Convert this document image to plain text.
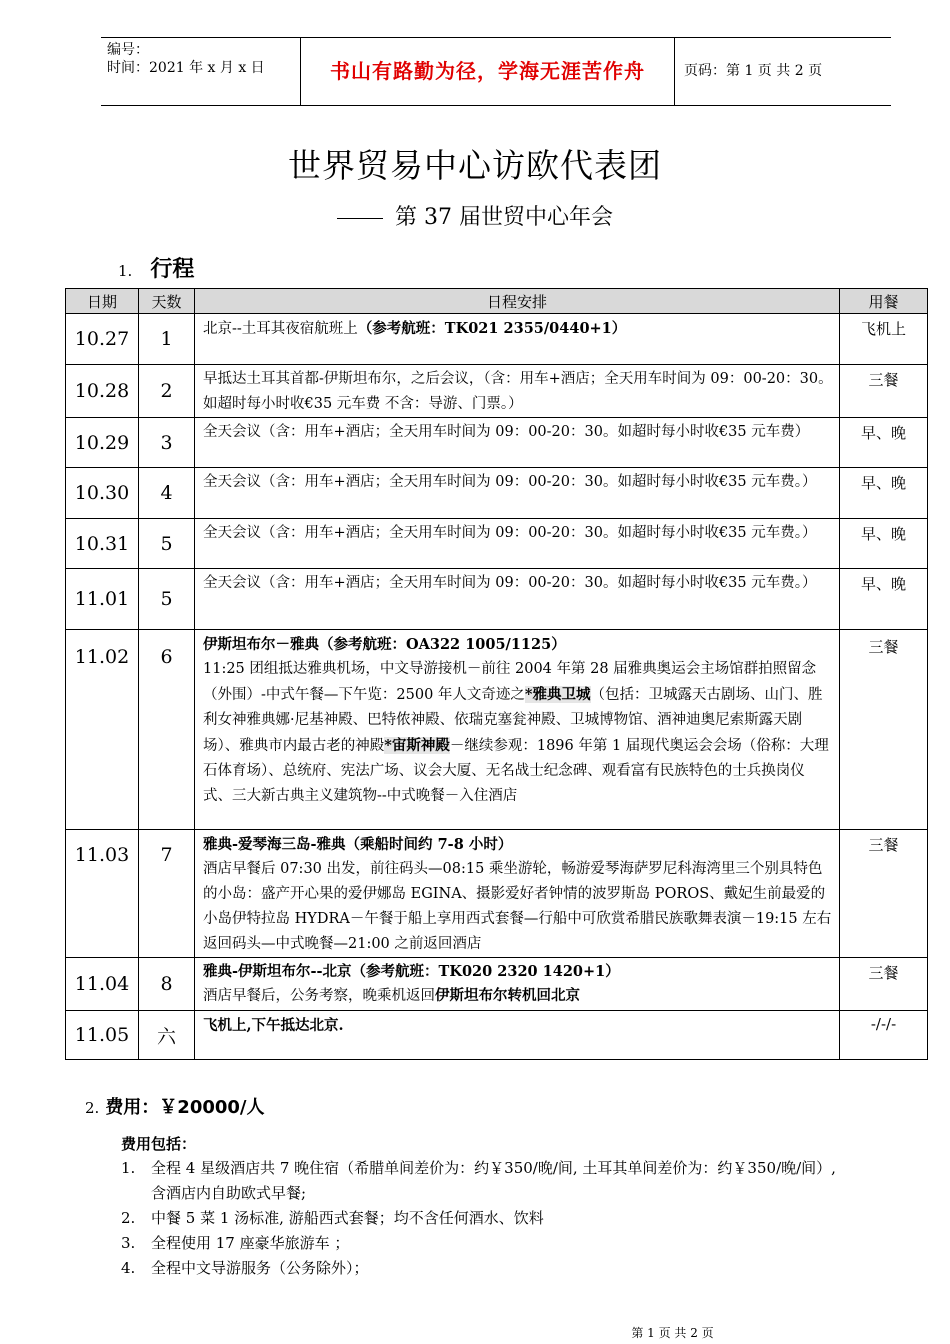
编号：
时间：2021 年 x 月 x 日	书山有路勤为径，学海无涯苦作舟	页码：第 1 页 共 2 页
世界贸易中心访欧代表团
第 37 届世贸中心年会
1. 行程
日期	天数	日程安排	用餐
10.27	1	北京--土耳其夜宿航班上（参考航班：TK021 2355/0440+1）	飞机上
10.28	2	早抵达土耳其首都-伊斯坦布尔，之后会议，（含：用车+酒店；全天用车时间为 09：00-20：30。如超时每小时收€35 元车费 不含：导游、门票。）	三餐
10.29	3	全天会议（含：用车+酒店；全天用车时间为 09：00-20：30。如超时每小时收€35 元车费）	早、晚
10.30	4	全天会议（含：用车+酒店；全天用车时间为 09：00-20：30。如超时每小时收€35 元车费。）	早、晚
10.31	5	全天会议（含：用车+酒店；全天用车时间为 09：00-20：30。如超时每小时收€35 元车费。）	早、晚
11.01	5	全天会议（含：用车+酒店；全天用车时间为 09：00-20：30。如超时每小时收€35 元车费。）	早、晚
11.02	6	伊斯坦布尔－雅典（参考航班：OA322 1005/1125）
11:25 团组抵达雅典机场，中文导游接机－前往 2004 年第 28 届雅典奥运会主场馆群拍照留念（外围）-中式午餐—下午览：2500 年人文奇迹之*雅典卫城（包括：卫城露天古剧场、山门、胜利女神雅典娜·尼基神殿、巴特侬神殿、依瑞克塞瓮神殿、卫城博物馆、酒神迪奥尼索斯露天剧场）、雅典市内最古老的神殿*宙斯神殿－继续参观：1896 年第 1 届现代奥运会会场（俗称：大理石体育场）、总统府、宪法广场、议会大厦、无名战士纪念碑、观看富有民族特色的士兵换岗仪式、三大新古典主义建筑物--中式晚餐－入住酒店	三餐
11.03	7	雅典-爱琴海三岛-雅典（乘船时间约 7-8 小时）
酒店早餐后 07:30 出发，前往码头—08:15 乘坐游轮，畅游爱琴海萨罗尼科海湾里三个别具特色的小岛：盛产开心果的爱伊娜岛 EGINA、摄影爱好者钟情的波罗斯岛 POROS、戴妃生前最爱的小岛伊特拉岛 HYDRA－午餐于船上享用西式套餐—行船中可欣赏希腊民族歌舞表演－19:15 左右返回码头—中式晚餐—21:00 之前返回酒店	三餐
11.04	8	雅典-伊斯坦布尔--北京（参考航班：TK020 2320 1420+1）
酒店早餐后，公务考察，晚乘机返回伊斯坦布尔转机回北京	三餐
11.05	六	飞机上,下午抵达北京.	-/-/-
2. 费用：￥20000/人
费用包括：
1. 全程 4 星级酒店共 7 晚住宿（希腊单间差价为：约￥350/晚/间, 土耳其单间差价为：约￥350/晚/间）,含酒店内自助欧式早餐;
2. 中餐 5 菜 1 汤标准, 游船西式套餐；均不含任何酒水、饮料
3. 全程使用 17 座豪华旅游车 ；
4. 全程中文导游服务（公务除外）；
第 1 页 共 2 页
